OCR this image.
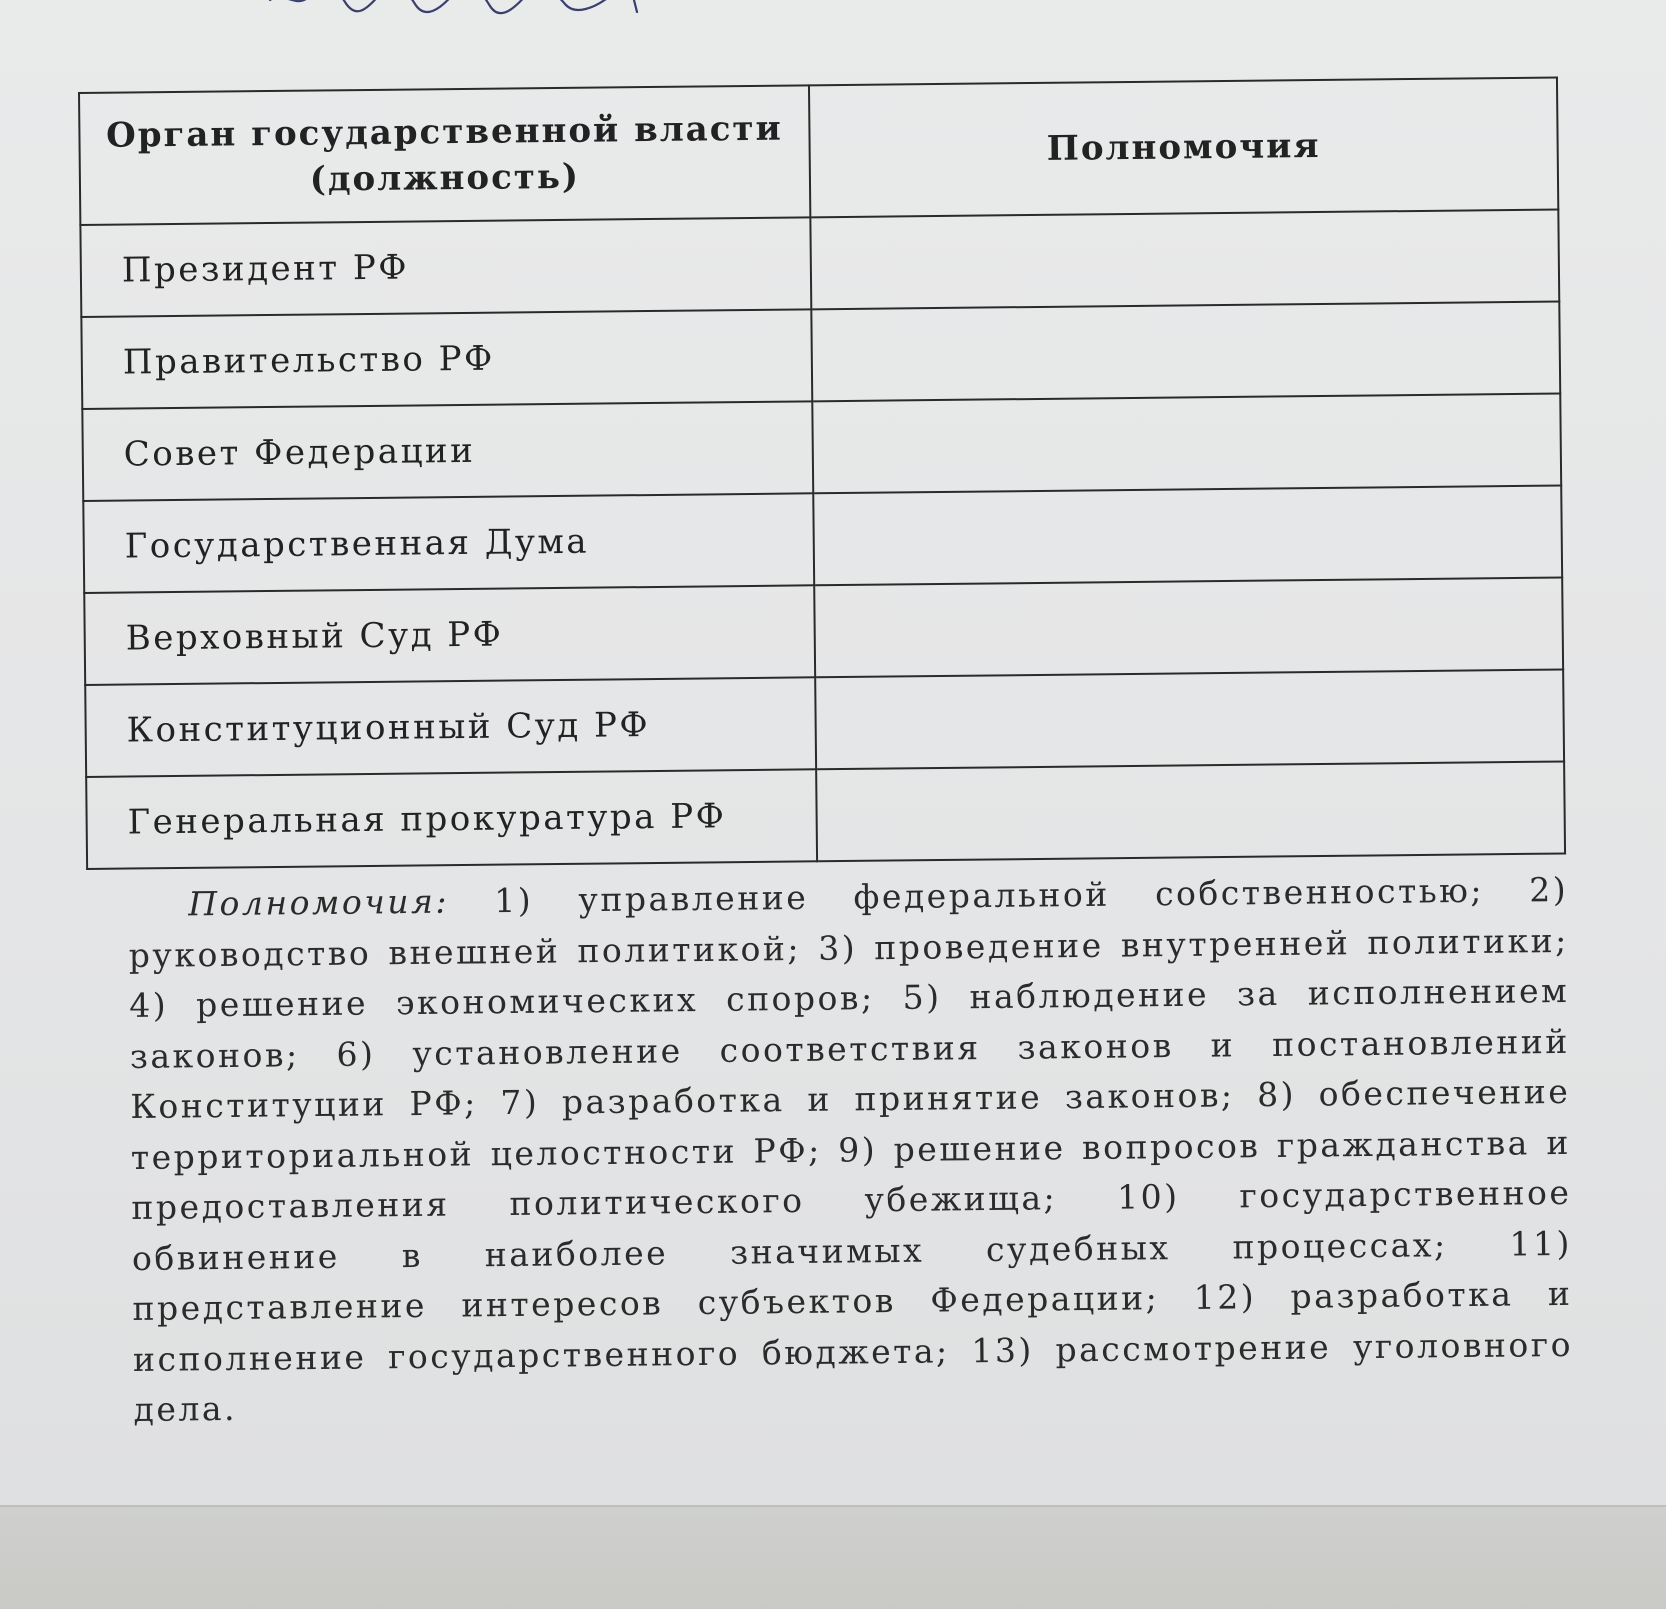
Орган государственной власти
(должность)	Полномочия
Президент РФ	
Правительство РФ	
Совет Федерации	
Государственная Дума	
Верховный Суд РФ	
Конституционный Суд РФ	
Генеральная прокуратура РФ	
Полномочия: 1) управление федеральной собственностью; 2) руководство внешней политикой; 3) проведение внутренней политики; 4) решение экономических споров; 5) наблюдение за исполнением законов; 6) установление соответствия законов и постановлений Конституции РФ; 7) разработка и принятие законов; 8) обеспечение территориальной целостности РФ; 9) решение вопросов гражданства и предоставления политического убежища; 10) государственное обвинение в наиболее значимых судебных процессах; 11) представление интересов субъектов Федерации; 12) разработка и исполнение государственного бюджета; 13) рассмотрение уголовного дела.
